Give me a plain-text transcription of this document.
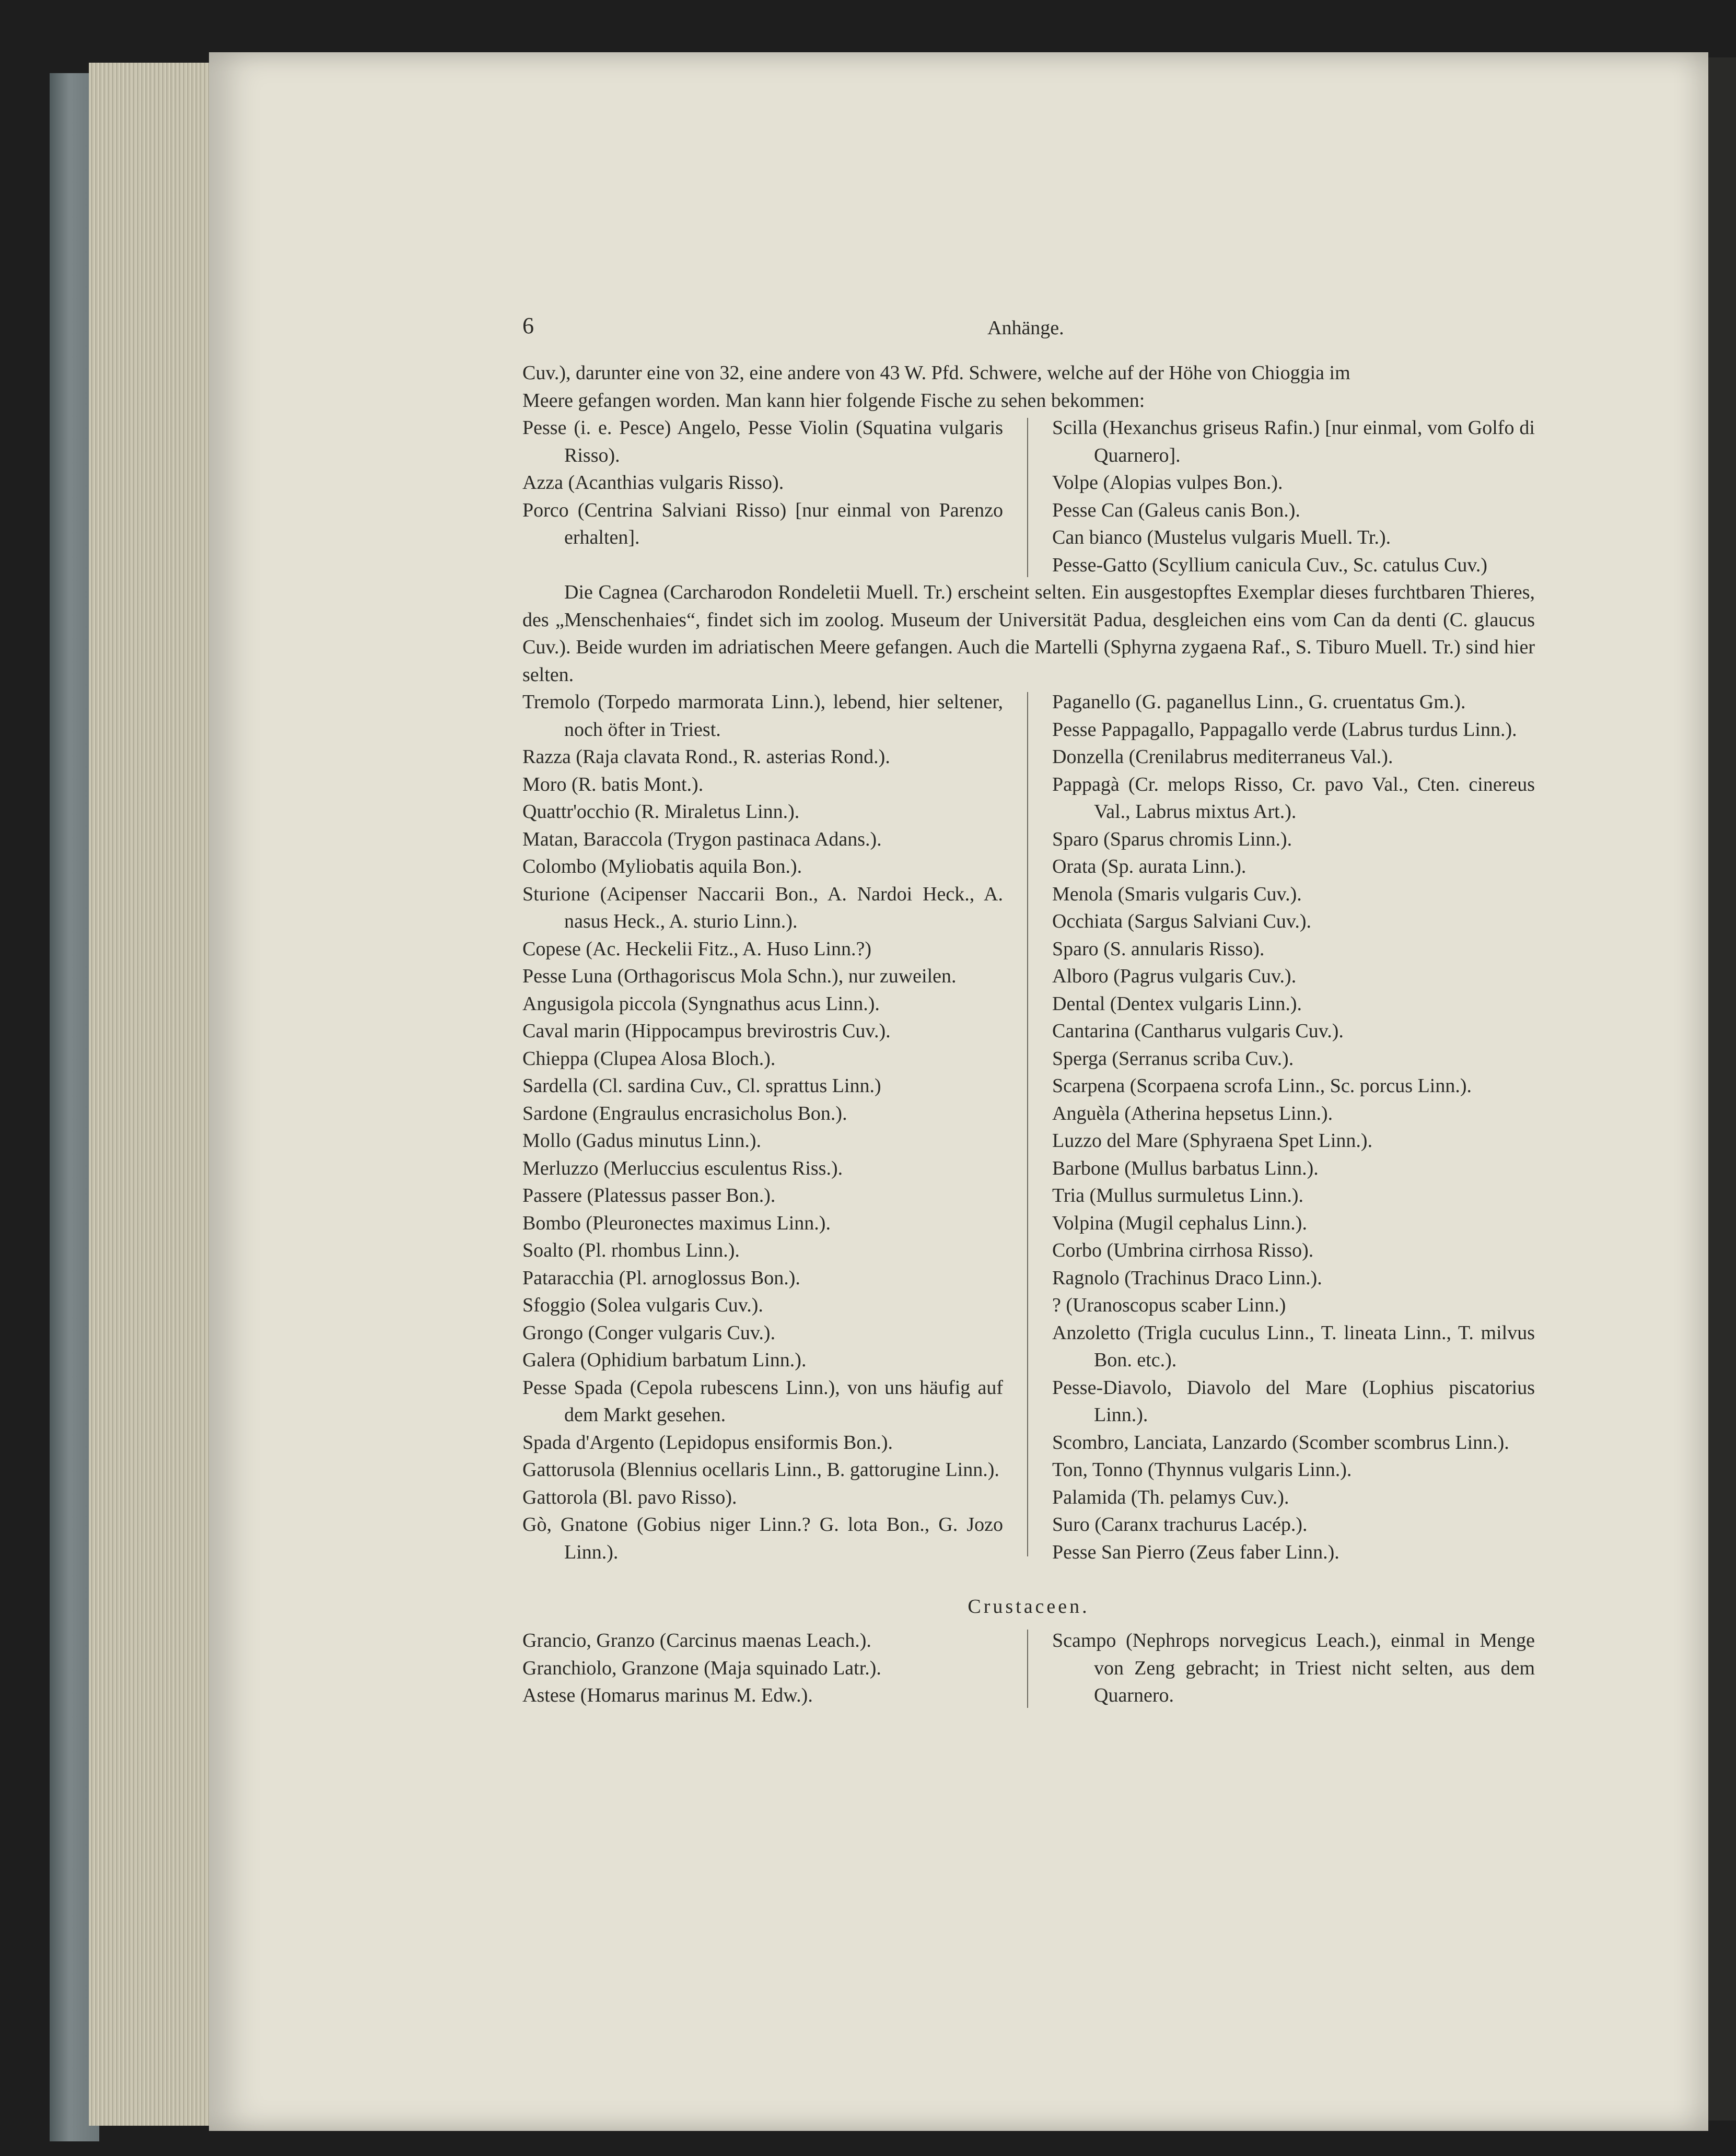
6	Anhänge.
Cuv.), darunter eine von 32, eine andere von 43 W. Pfd. Schwere, welche auf der Höhe von Chioggia im
Meere gefangen worden. Man kann hier folgende Fische zu sehen bekommen:
Pesse (i. e. Pesce) Angelo, Pesse Violin (Squatina vulgaris Risso).
Azza (Acanthias vulgaris Risso).
Porco (Centrina Salviani Risso) [nur einmal von Parenzo erhalten].
Scilla (Hexanchus griseus Rafin.) [nur einmal, vom Golfo di Quarnero].
Volpe (Alopias vulpes Bon.).
Pesse Can (Galeus canis Bon.).
Can bianco (Mustelus vulgaris Muell. Tr.).
Pesse-Gatto (Scyllium canicula Cuv., Sc. catulus Cuv.)
Die Cagnea (Carcharodon Rondeletii Muell. Tr.) erscheint selten. Ein ausgestopftes Exemplar dieses furchtbaren Thieres, des „Menschenhaies“, findet sich im zoolog. Museum der Universität Padua, desgleichen eins vom Can da denti (C. glaucus Cuv.). Beide wurden im adriatischen Meere gefangen. Auch die Martelli (Sphyrna zygaena Raf., S. Tiburo Muell. Tr.) sind hier selten.
Tremolo (Torpedo marmorata Linn.), lebend, hier seltener, noch öfter in Triest.
Razza (Raja clavata Rond., R. asterias Rond.).
Moro (R. batis Mont.).
Quattr'occhio (R. Miraletus Linn.).
Matan, Baraccola (Trygon pastinaca Adans.).
Colombo (Myliobatis aquila Bon.).
Sturione (Acipenser Naccarii Bon., A. Nardoi Heck., A. nasus Heck., A. sturio Linn.).
Copese (Ac. Heckelii Fitz., A. Huso Linn.?)
Pesse Luna (Orthagoriscus Mola Schn.), nur zuweilen.
Angusigola piccola (Syngnathus acus Linn.).
Caval marin (Hippocampus brevirostris Cuv.).
Chieppa (Clupea Alosa Bloch.).
Sardella (Cl. sardina Cuv., Cl. sprattus Linn.)
Sardone (Engraulus encrasicholus Bon.).
Mollo (Gadus minutus Linn.).
Merluzzo (Merluccius esculentus Riss.).
Passere (Platessus passer Bon.).
Bombo (Pleuronectes maximus Linn.).
Soalto (Pl. rhombus Linn.).
Pataracchia (Pl. arnoglossus Bon.).
Sfoggio (Solea vulgaris Cuv.).
Grongo (Conger vulgaris Cuv.).
Galera (Ophidium barbatum Linn.).
Pesse Spada (Cepola rubescens Linn.), von uns häufig auf dem Markt gesehen.
Spada d'Argento (Lepidopus ensiformis Bon.).
Gattorusola (Blennius ocellaris Linn., B. gattorugine Linn.).
Gattorola (Bl. pavo Risso).
Gò, Gnatone (Gobius niger Linn.? G. lota Bon., G. Jozo Linn.).
Paganello (G. paganellus Linn., G. cruentatus Gm.).
Pesse Pappagallo, Pappagallo verde (Labrus turdus Linn.).
Donzella (Crenilabrus mediterraneus Val.).
Pappagà (Cr. melops Risso, Cr. pavo Val., Cten. cinereus Val., Labrus mixtus Art.).
Sparo (Sparus chromis Linn.).
Orata (Sp. aurata Linn.).
Menola (Smaris vulgaris Cuv.).
Occhiata (Sargus Salviani Cuv.).
Sparo (S. annularis Risso).
Alboro (Pagrus vulgaris Cuv.).
Dental (Dentex vulgaris Linn.).
Cantarina (Cantharus vulgaris Cuv.).
Sperga (Serranus scriba Cuv.).
Scarpena (Scorpaena scrofa Linn., Sc. porcus Linn.).
Anguèla (Atherina hepsetus Linn.).
Luzzo del Mare (Sphyraena Spet Linn.).
Barbone (Mullus barbatus Linn.).
Tria (Mullus surmuletus Linn.).
Volpina (Mugil cephalus Linn.).
Corbo (Umbrina cirrhosa Risso).
Ragnolo (Trachinus Draco Linn.).
? (Uranoscopus scaber Linn.)
Anzoletto (Trigla cuculus Linn., T. lineata Linn., T. milvus Bon. etc.).
Pesse-Diavolo, Diavolo del Mare (Lophius piscatorius Linn.).
Scombro, Lanciata, Lanzardo (Scomber scombrus Linn.).
Ton, Tonno (Thynnus vulgaris Linn.).
Palamida (Th. pelamys Cuv.).
Suro (Caranx trachurus Lacép.).
Pesse San Pierro (Zeus faber Linn.).
Crustaceen.
Grancio, Granzo (Carcinus maenas Leach.).
Granchiolo, Granzone (Maja squinado Latr.).
Astese (Homarus marinus M. Edw.).
Scampo (Nephrops norvegicus Leach.), einmal in Menge von Zeng gebracht; in Triest nicht selten, aus dem Quarnero.
